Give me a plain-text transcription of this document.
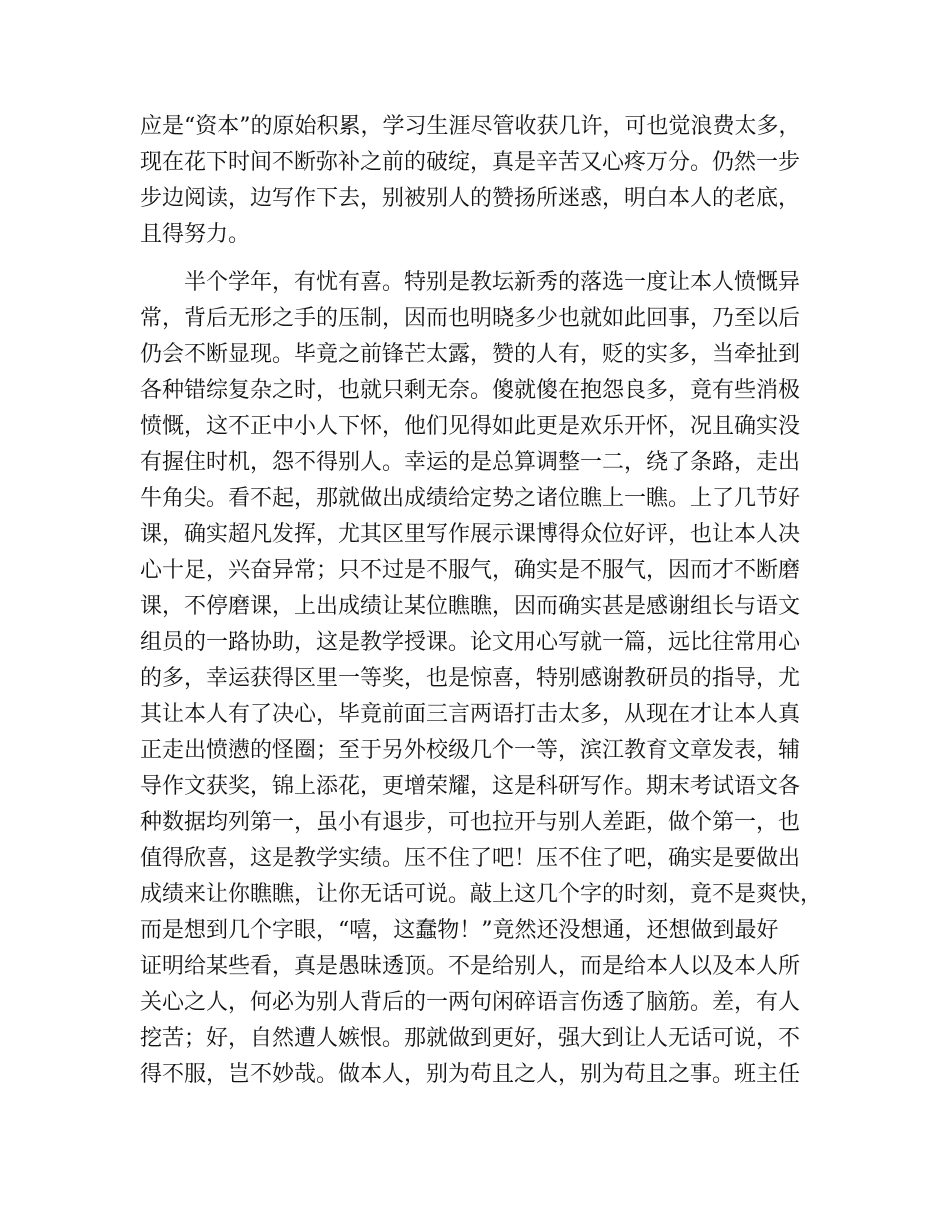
应是“资本”的原始积累，学习生涯尽管收获几许，可也觉浪费太多，
现在花下时间不断弥补之前的破绽，真是辛苦又心疼万分。仍然一步
步边阅读，边写作下去，别被别人的赞扬所迷惑，明白本人的老底，
且得努力。
　　半个学年，有忧有喜。特别是教坛新秀的落选一度让本人愤慨异
常，背后无形之手的压制，因而也明晓多少也就如此回事，乃至以后
仍会不断显现。毕竟之前锋芒太露，赞的人有，贬的实多，当牵扯到
各种错综复杂之时，也就只剩无奈。傻就傻在抱怨良多，竟有些消极
愤慨，这不正中小人下怀，他们见得如此更是欢乐开怀，况且确实没
有握住时机，怨不得别人。幸运的是总算调整一二，绕了条路，走出
牛角尖。看不起，那就做出成绩给定势之诸位瞧上一瞧。上了几节好
课，确实超凡发挥，尤其区里写作展示课博得众位好评，也让本人决
心十足，兴奋异常；只不过是不服气，确实是不服气，因而才不断磨
课，不停磨课，上出成绩让某位瞧瞧，因而确实甚是感谢组长与语文
组员的一路协助，这是教学授课。论文用心写就一篇，远比往常用心
的多，幸运获得区里一等奖，也是惊喜，特别感谢教研员的指导，尤
其让本人有了决心，毕竟前面三言两语打击太多，从现在才让本人真
正走出愤懑的怪圈；至于另外校级几个一等，滨江教育文章发表，辅
导作文获奖，锦上添花，更增荣耀，这是科研写作。期末考试语文各
种数据均列第一，虽小有退步，可也拉开与别人差距，做个第一，也
值得欣喜，这是教学实绩。压不住了吧！压不住了吧，确实是要做出
成绩来让你瞧瞧，让你无话可说。敲上这几个字的时刻，竟不是爽快，
而是想到几个字眼，“嘻，这蠢物！”竟然还没想通，还想做到最好
证明给某些看，真是愚昧透顶。不是给别人，而是给本人以及本人所
关心之人，何必为别人背后的一两句闲碎语言伤透了脑筋。差，有人
挖苦；好，自然遭人嫉恨。那就做到更好，强大到让人无话可说，不
得不服，岂不妙哉。做本人，别为苟且之人，别为苟且之事。班主任
